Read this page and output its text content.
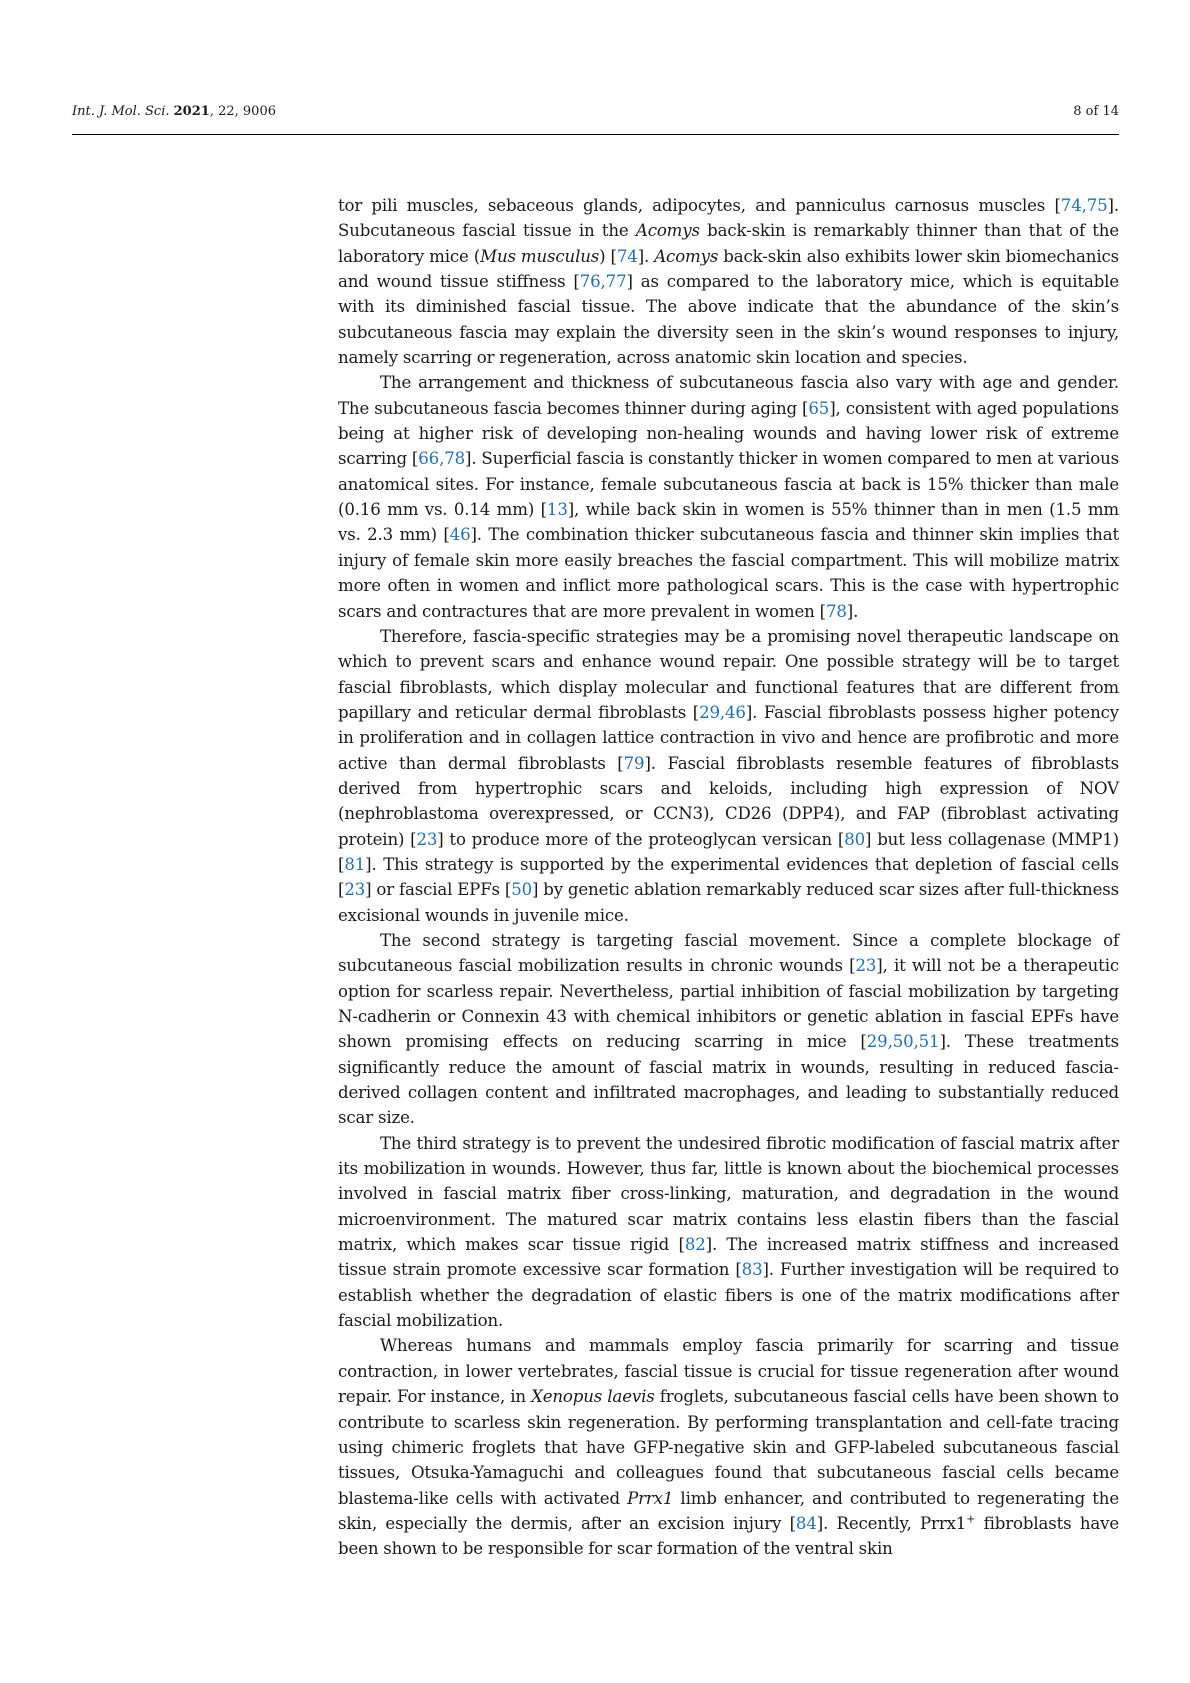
Int. J. Mol. Sci. 2021, 22, 9006	8 of 14

tor pili muscles, sebaceous glands, adipocytes, and panniculus carnosus muscles [74,75]. Subcutaneous fascial tissue in the Acomys back-skin is remarkably thinner than that of the laboratory mice (Mus musculus) [74]. Acomys back-skin also exhibits lower skin biomechanics and wound tissue stiffness [76,77] as compared to the laboratory mice, which is equitable with its diminished fascial tissue. The above indicate that the abundance of the skin’s subcutaneous fascia may explain the diversity seen in the skin’s wound responses to injury, namely scarring or regeneration, across anatomic skin location and species.

The arrangement and thickness of subcutaneous fascia also vary with age and gender. The subcutaneous fascia becomes thinner during aging [65], consistent with aged populations being at higher risk of developing non-healing wounds and having lower risk of extreme scarring [66,78]. Superficial fascia is constantly thicker in women compared to men at various anatomical sites. For instance, female subcutaneous fascia at back is 15% thicker than male (0.16 mm vs. 0.14 mm) [13], while back skin in women is 55% thinner than in men (1.5 mm vs. 2.3 mm) [46]. The combination thicker subcutaneous fascia and thinner skin implies that injury of female skin more easily breaches the fascial compartment. This will mobilize matrix more often in women and inflict more pathological scars. This is the case with hypertrophic scars and contractures that are more prevalent in women [78].

Therefore, fascia-specific strategies may be a promising novel therapeutic landscape on which to prevent scars and enhance wound repair. One possible strategy will be to target fascial fibroblasts, which display molecular and functional features that are different from papillary and reticular dermal fibroblasts [29,46]. Fascial fibroblasts possess higher potency in proliferation and in collagen lattice contraction in vivo and hence are profibrotic and more active than dermal fibroblasts [79]. Fascial fibroblasts resemble features of fibroblasts derived from hypertrophic scars and keloids, including high expression of NOV (nephroblastoma overexpressed, or CCN3), CD26 (DPP4), and FAP (fibroblast activating protein) [23] to produce more of the proteoglycan versican [80] but less collagenase (MMP1) [81]. This strategy is supported by the experimental evidences that depletion of fascial cells [23] or fascial EPFs [50] by genetic ablation remarkably reduced scar sizes after full-thickness excisional wounds in juvenile mice.

The second strategy is targeting fascial movement. Since a complete blockage of subcutaneous fascial mobilization results in chronic wounds [23], it will not be a therapeutic option for scarless repair. Nevertheless, partial inhibition of fascial mobilization by targeting N-cadherin or Connexin 43 with chemical inhibitors or genetic ablation in fascial EPFs have shown promising effects on reducing scarring in mice [29,50,51]. These treatments significantly reduce the amount of fascial matrix in wounds, resulting in reduced fascia-derived collagen content and infiltrated macrophages, and leading to substantially reduced scar size.

The third strategy is to prevent the undesired fibrotic modification of fascial matrix after its mobilization in wounds. However, thus far, little is known about the biochemical processes involved in fascial matrix fiber cross-linking, maturation, and degradation in the wound microenvironment. The matured scar matrix contains less elastin fibers than the fascial matrix, which makes scar tissue rigid [82]. The increased matrix stiffness and increased tissue strain promote excessive scar formation [83]. Further investigation will be required to establish whether the degradation of elastic fibers is one of the matrix modifications after fascial mobilization.

Whereas humans and mammals employ fascia primarily for scarring and tissue contraction, in lower vertebrates, fascial tissue is crucial for tissue regeneration after wound repair. For instance, in Xenopus laevis froglets, subcutaneous fascial cells have been shown to contribute to scarless skin regeneration. By performing transplantation and cell-fate tracing using chimeric froglets that have GFP-negative skin and GFP-labeled subcutaneous fascial tissues, Otsuka-Yamaguchi and colleagues found that subcutaneous fascial cells became blastema-like cells with activated Prrx1 limb enhancer, and contributed to regenerating the skin, especially the dermis, after an excision injury [84]. Recently, Prrx1+ fibroblasts have been shown to be responsible for scar formation of the ventral skin
